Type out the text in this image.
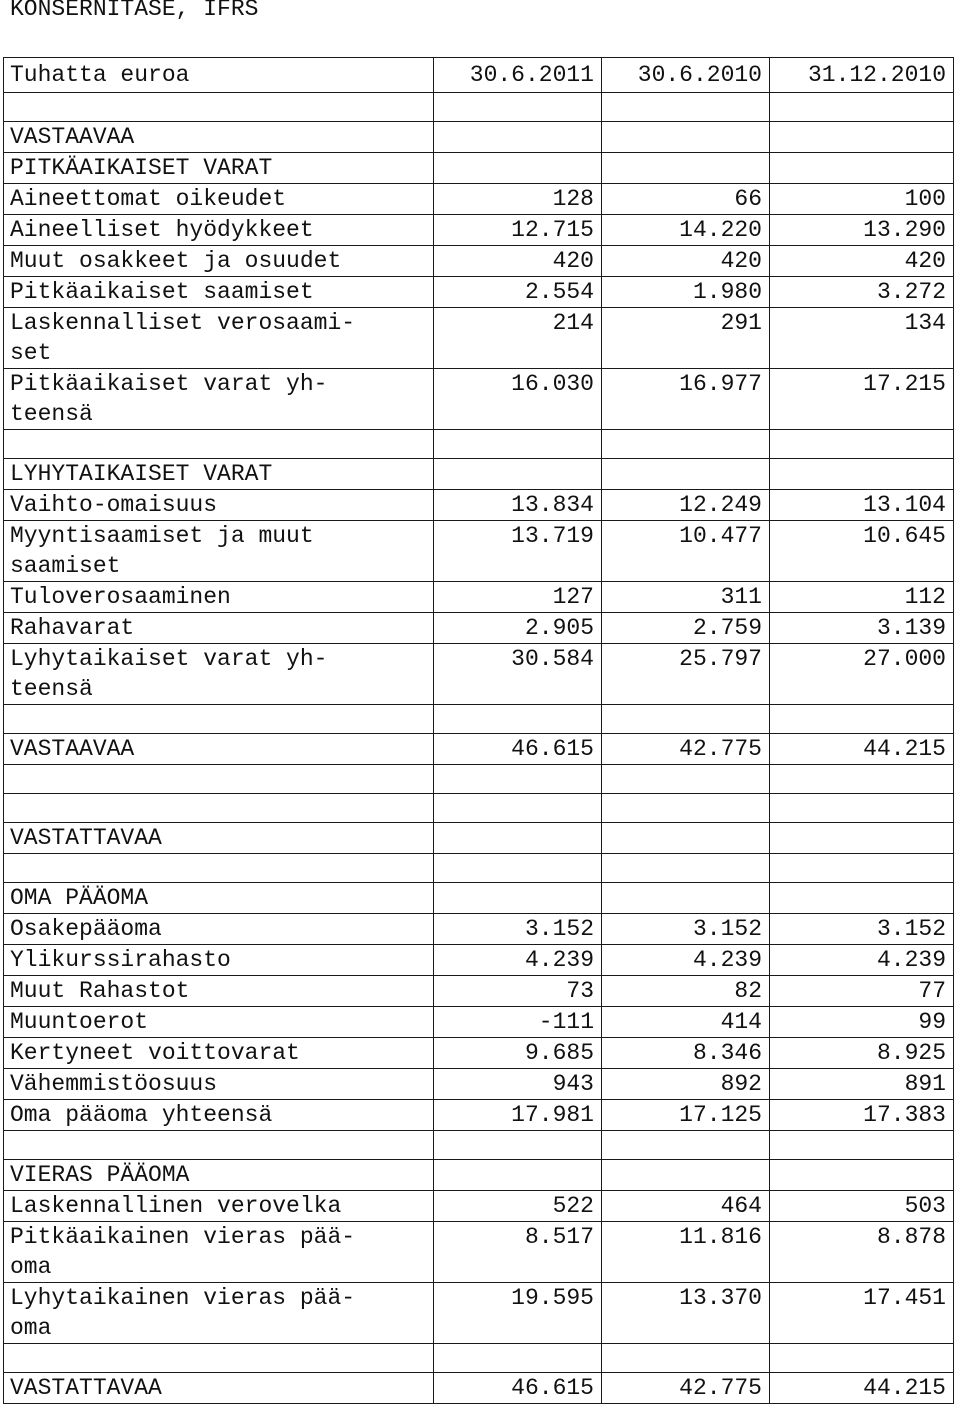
KONSERNITASE, IFRS
Tuhatta euroa	30.6.2011	30.6.2010	31.12.2010

VASTAAVAA			
PITKÄAIKAISET VARAT			
Aineettomat oikeudet	128	66	100
Aineelliset hyödykkeet	12.715	14.220	13.290
Muut osakkeet ja osuudet	420	420	420
Pitkäaikaiset saamiset	2.554	1.980	3.272
Laskennalliset verosaami-
set	214	291	134
Pitkäaikaiset varat yh-
teensä	16.030	16.977	17.215

LYHYTAIKAISET VARAT			
Vaihto-omaisuus	13.834	12.249	13.104
Myyntisaamiset ja muut
saamiset	13.719	10.477	10.645
Tuloverosaaminen	127	311	112
Rahavarat	2.905	2.759	3.139
Lyhytaikaiset varat yh-
teensä	30.584	25.797	27.000

VASTAAVAA	46.615	42.775	44.215

VASTATTAVAA			

OMA PÄÄOMA			
Osakepääoma	3.152	3.152	3.152
Ylikurssirahasto	4.239	4.239	4.239
Muut Rahastot	73	82	77
Muuntoerot	-111	414	99
Kertyneet voittovarat	9.685	8.346	8.925
Vähemmistöosuus	943	892	891
Oma pääoma yhteensä	17.981	17.125	17.383

VIERAS PÄÄOMA			
Laskennallinen verovelka	522	464	503
Pitkäaikainen vieras pää-
oma	8.517	11.816	8.878
Lyhytaikainen vieras pää-
oma	19.595	13.370	17.451

VASTATTAVAA	46.615	42.775	44.215
